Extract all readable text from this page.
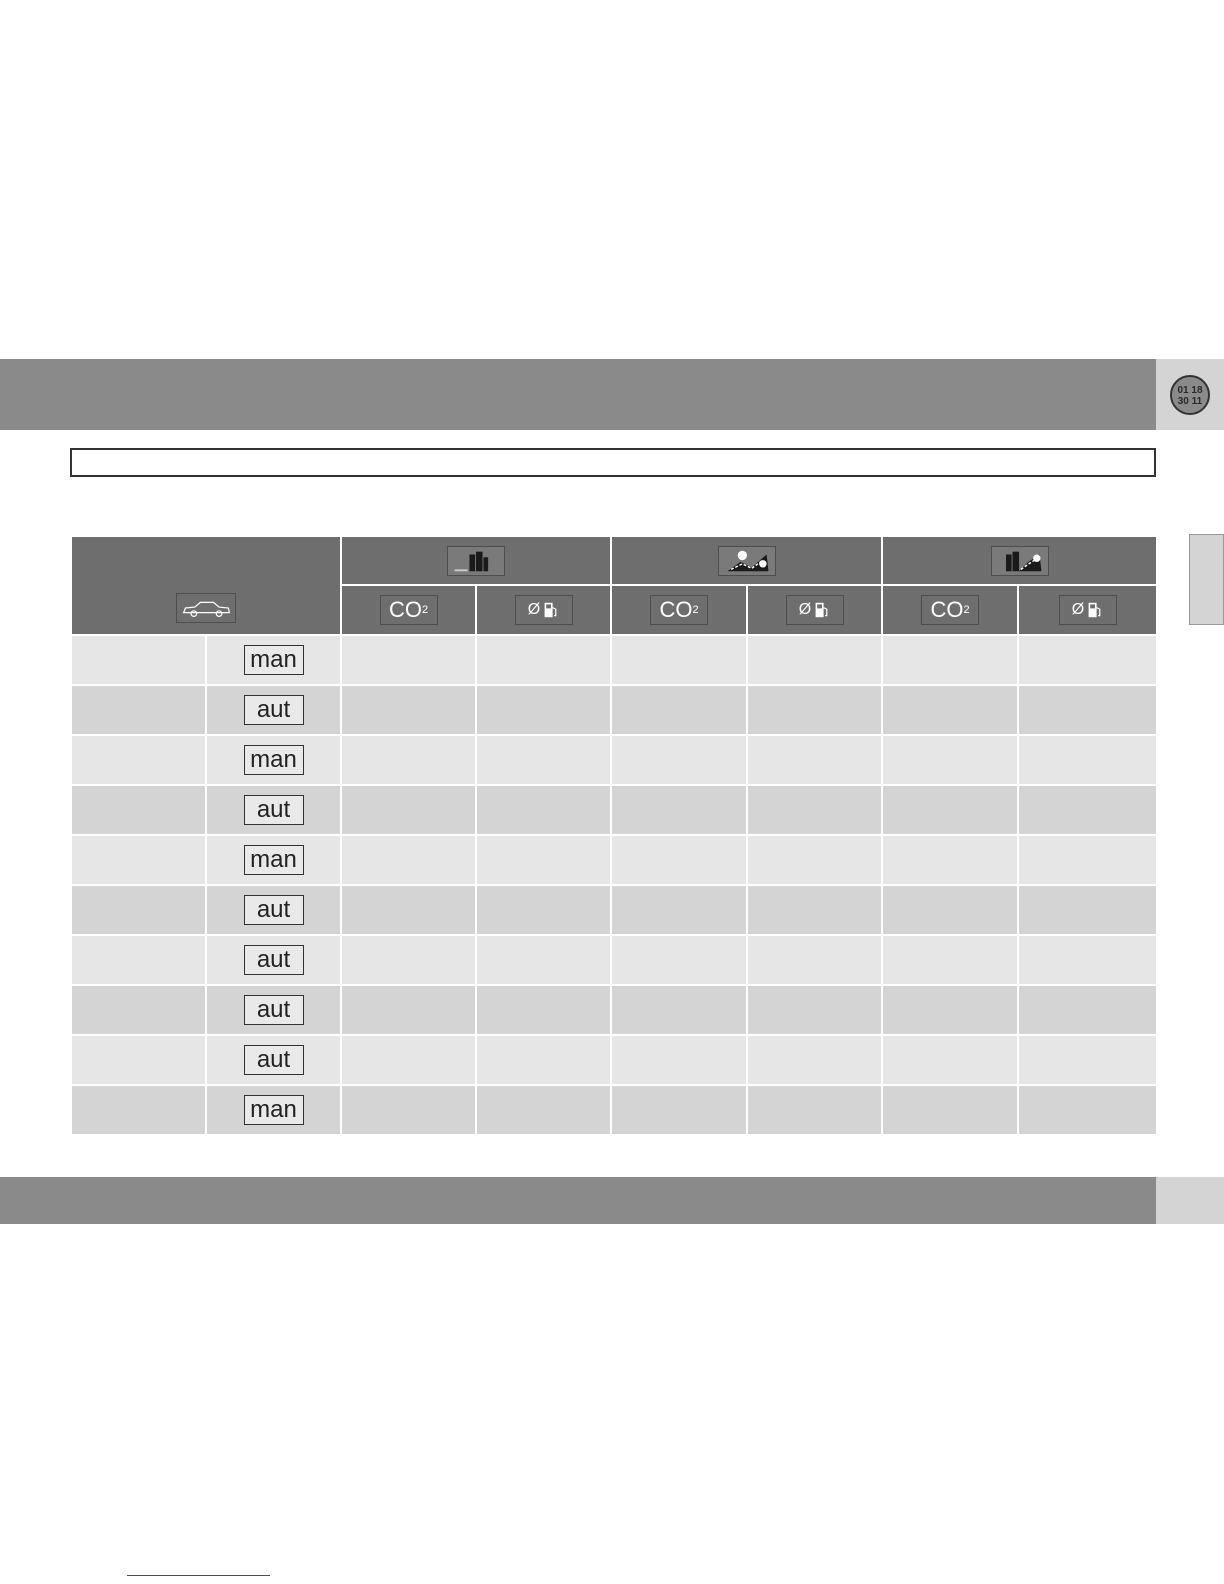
01 18
30 11

		CO 2	Ø	CO 2	Ø	CO 2	Ø

	man						
	aut						
	man						
	aut						
	man						
	aut						
	aut						
	aut						
	aut						
	man						
